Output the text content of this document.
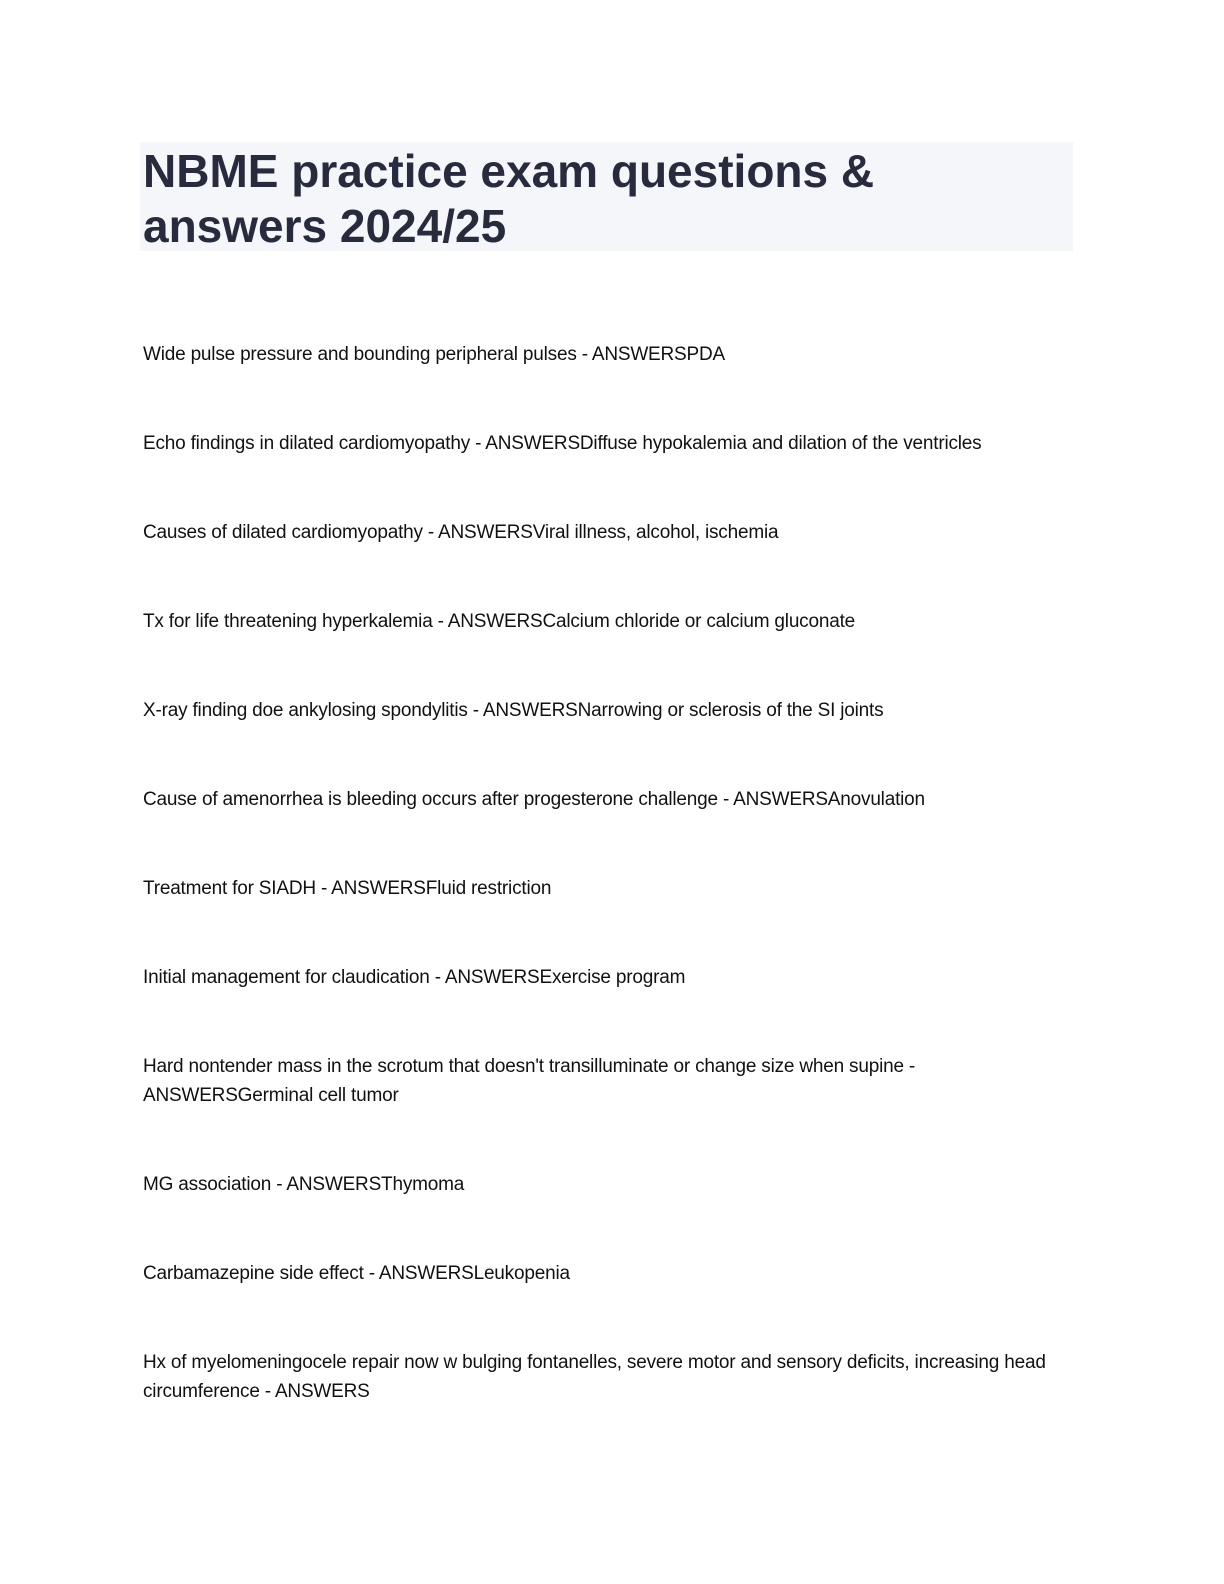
NBME practice exam questions & answers 2024/25

Wide pulse pressure and bounding peripheral pulses - ANSWERSPDA

Echo findings in dilated cardiomyopathy - ANSWERSDiffuse hypokalemia and dilation of the ventricles

Causes of dilated cardiomyopathy - ANSWERSViral illness, alcohol, ischemia

Tx for life threatening hyperkalemia - ANSWERSCalcium chloride or calcium gluconate

X-ray finding doe ankylosing spondylitis - ANSWERSNarrowing or sclerosis of the SI joints

Cause of amenorrhea is bleeding occurs after progesterone challenge - ANSWERSAnovulation

Treatment for SIADH - ANSWERSFluid restriction

Initial management for claudication - ANSWERSExercise program

Hard nontender mass in the scrotum that doesn't transilluminate or change size when supine - ANSWERSGerminal cell tumor

MG association - ANSWERSThymoma

Carbamazepine side effect - ANSWERSLeukopenia

Hx of myelomeningocele repair now w bulging fontanelles, severe motor and sensory deficits, increasing head circumference - ANSWERS
